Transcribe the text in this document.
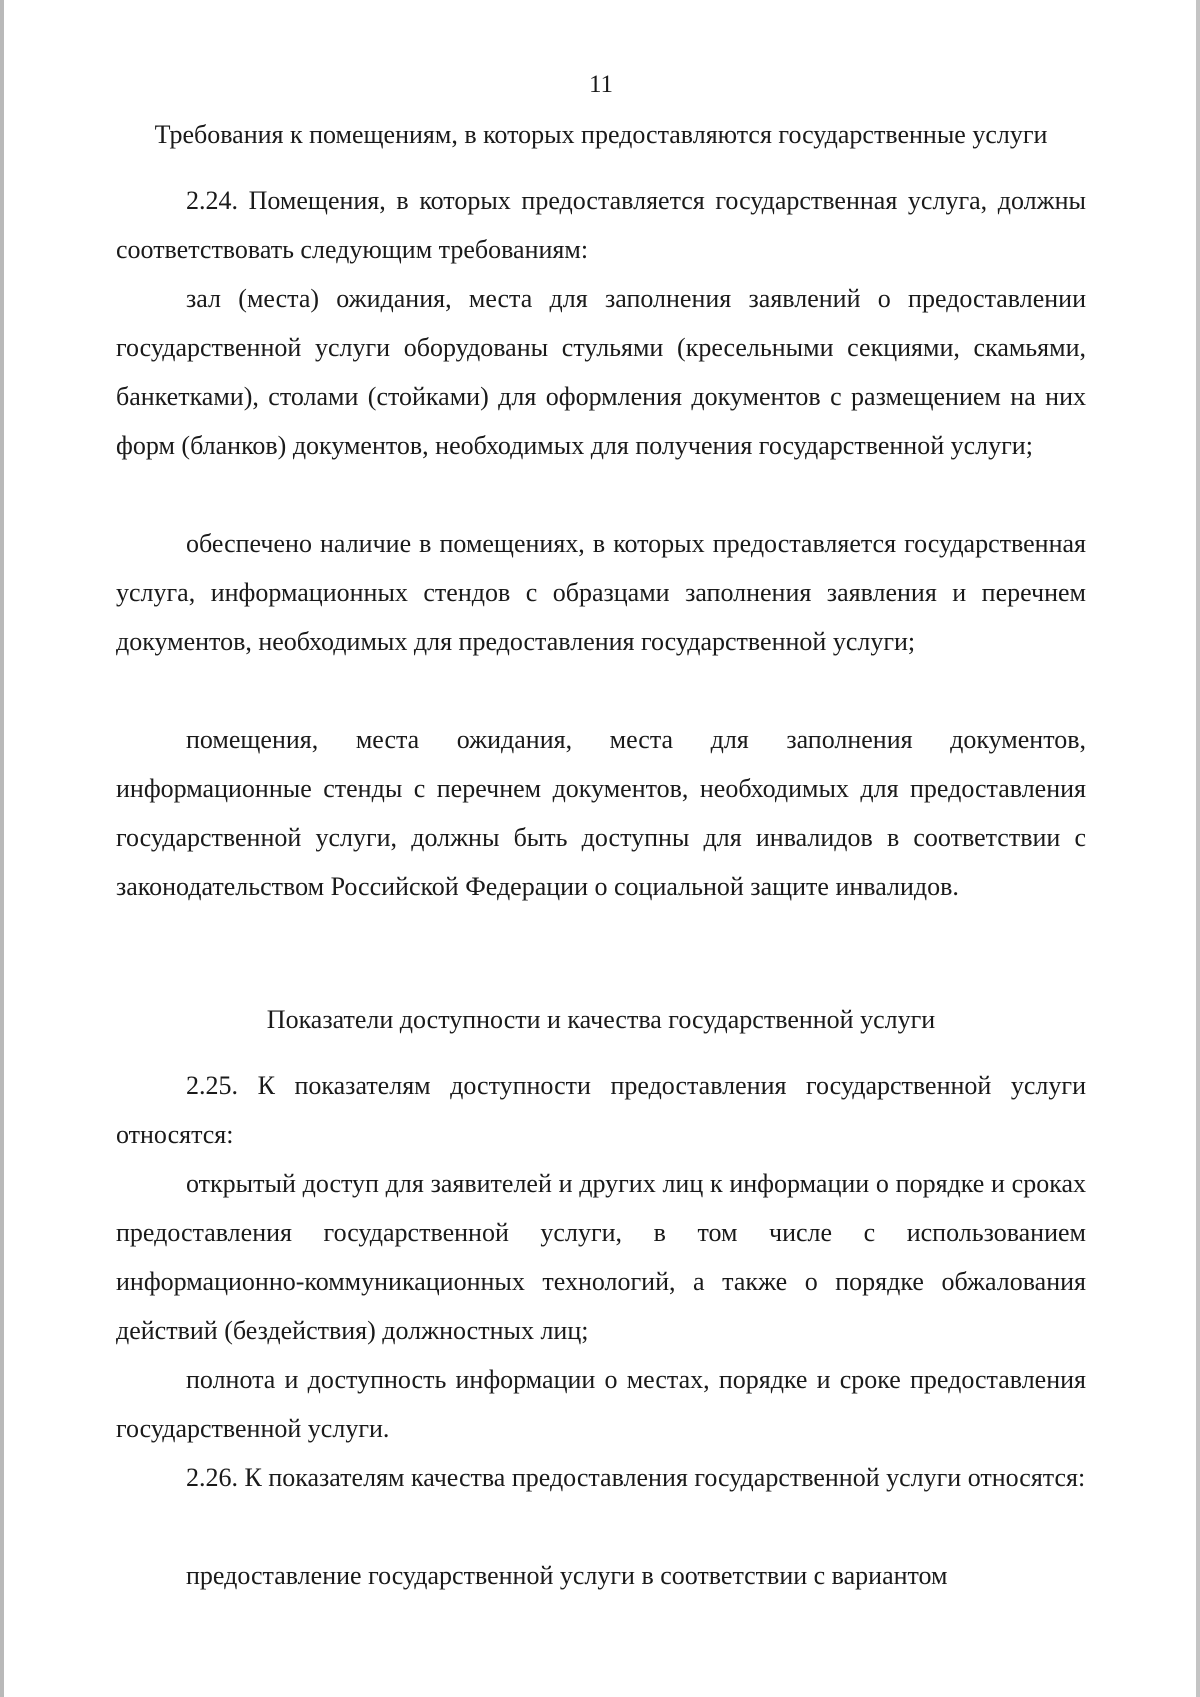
11
Требования к помещениям, в которых предоставляются государственные услуги

2.24. Помещения, в которых предоставляется государственная услуга, должны соответствовать следующим требованиям:

зал (места) ожидания, места для заполнения заявлений о предоставлении государственной услуги оборудованы стульями (кресельными секциями, скамьями, банкетками), столами (стойками) для оформления документов с размещением на них форм (бланков) документов, необходимых для получения государственной услуги;

обеспечено наличие в помещениях, в которых предоставляется государственная услуга, информационных стендов с образцами заполнения заявления и перечнем документов, необходимых для предоставления государственной услуги;

помещения, места ожидания, места для заполнения документов, информационные стенды с перечнем документов, необходимых для предоставления государственной услуги, должны быть доступны для инвалидов в соответствии с законодательством Российской Федерации о социальной защите инвалидов.

Показатели доступности и качества государственной услуги

2.25. К показателям доступности предоставления государственной услуги относятся:

открытый доступ для заявителей и других лиц к информации о порядке и сроках предоставления государственной услуги, в том числе с использованием информационно-коммуникационных технологий, а также о порядке обжалования действий (бездействия) должностных лиц;

полнота и доступность информации о местах, порядке и сроке предоставления государственной услуги.

2.26. К показателям качества предоставления государственной услуги относятся:

предоставление государственной услуги в соответствии с вариантом
